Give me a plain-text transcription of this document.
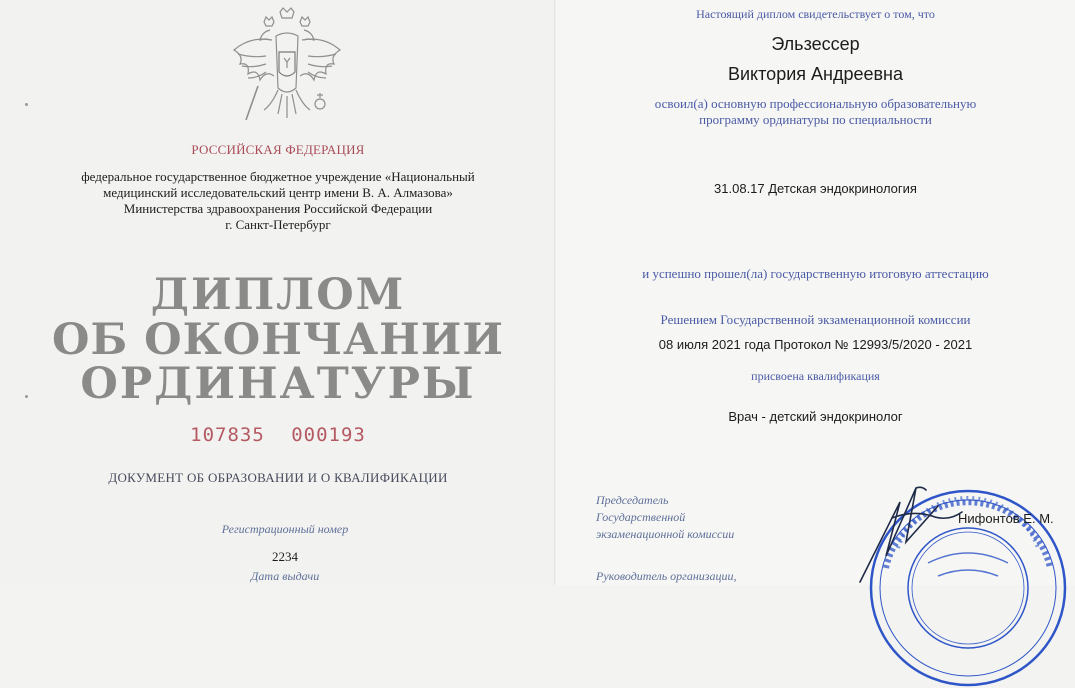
РОССИЙСКАЯ ФЕДЕРАЦИЯ
федеральное государственное бюджетное учреждение «Национальный
медицинский исследовательский центр имени В. А. Алмазова»
Министерства здравоохранения Российской Федерации
г. Санкт-Петербург
ДИПЛОМ
ОБ ОКОНЧАНИИ
ОРДИНАТУРЫ
107835 000193
ДОКУМЕНТ ОБ ОБРАЗОВАНИИ И О КВАЛИФИКАЦИИ
Регистрационный номер
2234
Дата выдачи
Настоящий диплом свидетельствует о том, что
Эльзессер
Виктория Андреевна
освоил(а) основную профессиональную образовательную
программу ординатуры по специальности
31.08.17 Детская эндокринология
и успешно прошел(ла) государственную итоговую аттестацию
Решением Государственной экзаменационной комиссии
08 июля 2021 года Протокол № 12993/5/2020 - 2021
присвоена квалификация
Врач - детский эндокринолог
Председатель
Государственной
экзаменационной комиссии
Нифонтов Е. М.
Руководитель организации,
